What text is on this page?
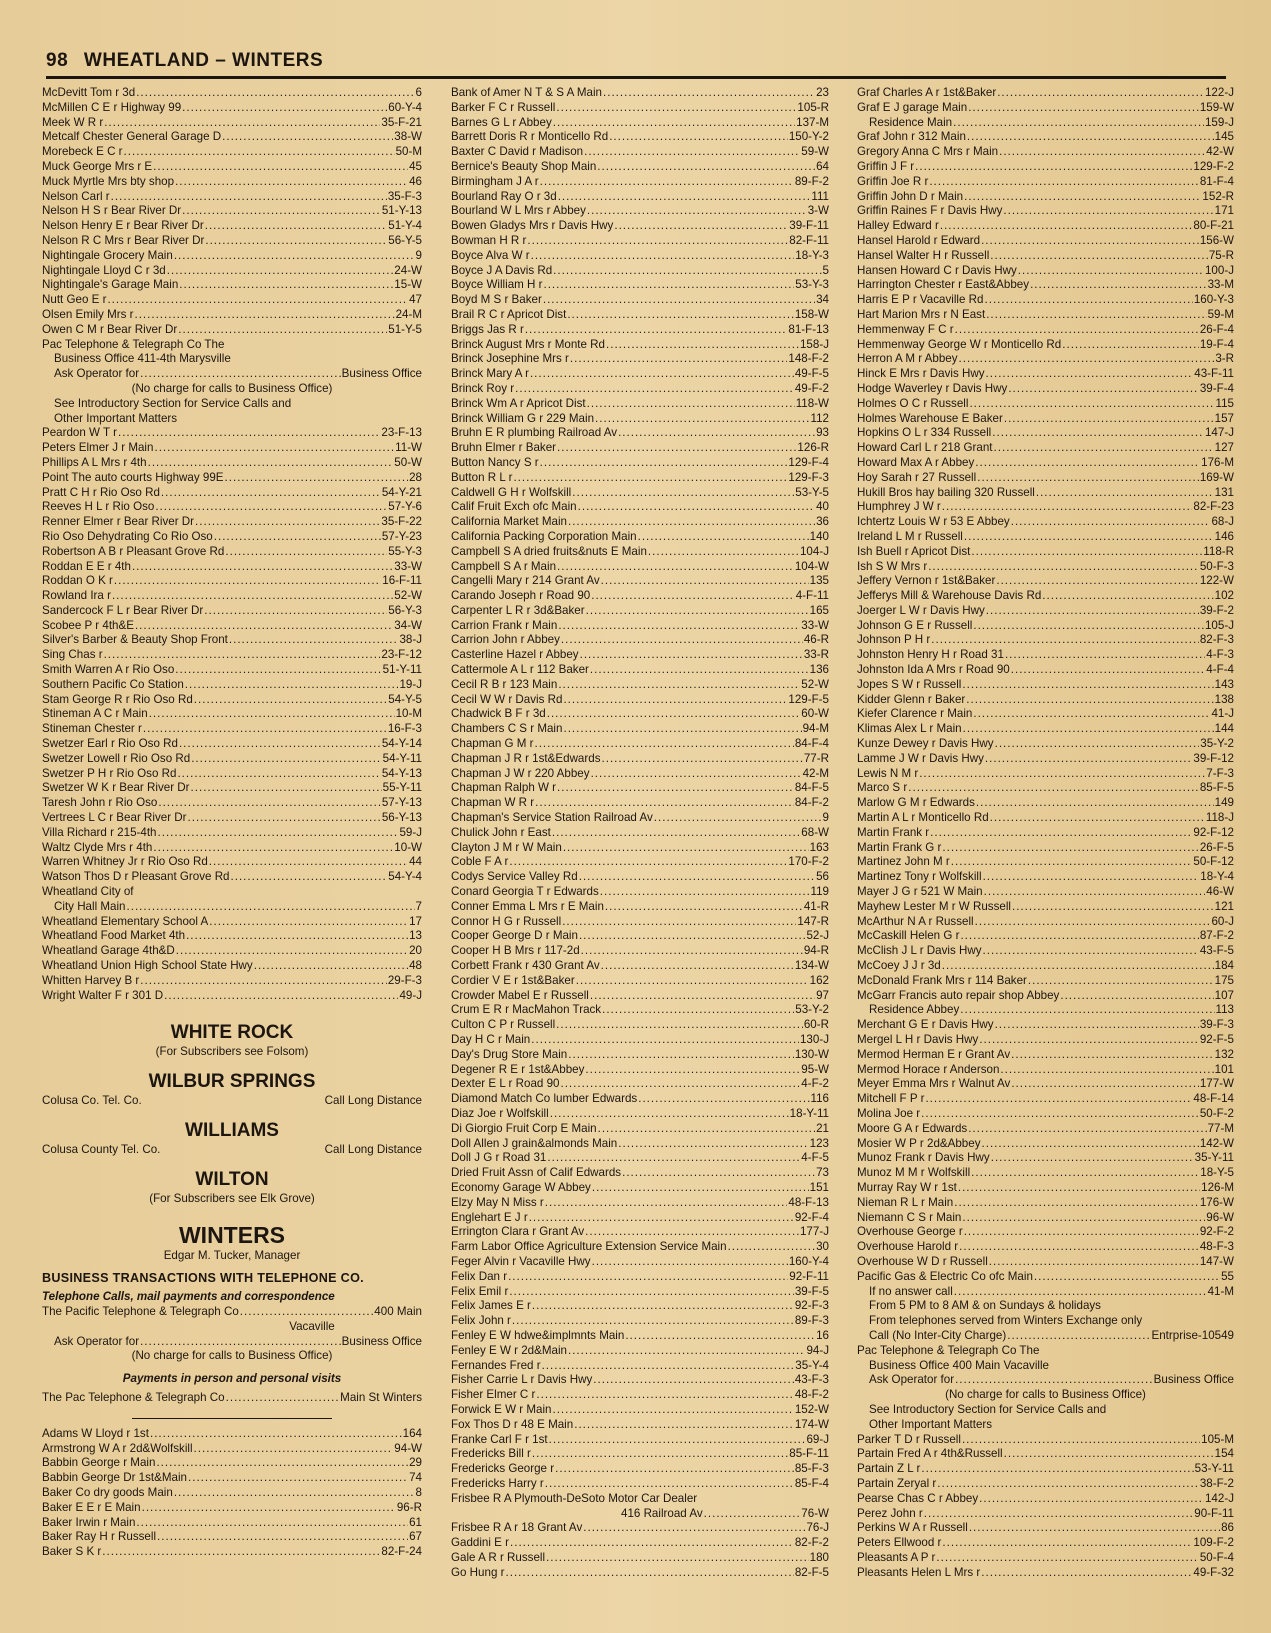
98 WHEATLAND – WINTERS
McDevitt Tom r 3d .....	6
McMillen C E r Highway 99 .....	60-Y-4
Meek W R r .....	35-F-21
Metcalf Chester General Garage D .....	38-W
Morebeck E C r .....	50-M
Muck George Mrs r E .....	45
Muck Myrtle Mrs bty shop .....	46
Nelson Carl r .....	35-F-3
Nelson H S r Bear River Dr .....	51-Y-13
Nelson Henry E r Bear River Dr .....	51-Y-4
Nelson R C Mrs r Bear River Dr .....	56-Y-5
Nightingale Grocery Main .....	9
Nightingale Lloyd C r 3d .....	24-W
Nightingale's Garage Main .....	15-W
Nutt Geo E r .....	47
Olsen Emily Mrs r .....	24-M
Owen C M r Bear River Dr .....	51-Y-5
Pac Telephone & Telegraph Co The
Business Office 411-4th Marysville
Ask Operator for .....	Business Office
(No charge for calls to Business Office)
See Introductory Section for Service Calls and
Other Important Matters
Peardon W T r .....	23-F-13
Peters Elmer J r Main .....	11-W
Phillips A L Mrs r 4th .....	50-W
Point The auto courts Highway 99E .....	28
Pratt C H r Rio Oso Rd .....	54-Y-21
Reeves H L r Rio Oso .....	57-Y-6
Renner Elmer r Bear River Dr .....	35-F-22
Rio Oso Dehydrating Co Rio Oso .....	57-Y-23
Robertson A B r Pleasant Grove Rd .....	55-Y-3
Roddan E E r 4th .....	33-W
Roddan O K r .....	16-F-11
Rowland Ira r .....	52-W
Sandercock F L r Bear River Dr .....	56-Y-3
Scobee P r 4th&E .....	34-W
Silver's Barber & Beauty Shop Front .....	38-J
Sing Chas r .....	23-F-12
Smith Warren A r Rio Oso .....	51-Y-11
Southern Pacific Co Station .....	19-J
Stam George R r Rio Oso Rd .....	54-Y-5
Stineman A C r Main .....	10-M
Stineman Chester r .....	16-F-3
Swetzer Earl r Rio Oso Rd .....	54-Y-14
Swetzer Lowell r Rio Oso Rd .....	54-Y-11
Swetzer P H r Rio Oso Rd .....	54-Y-13
Swetzer W K r Bear River Dr .....	55-Y-11
Taresh John r Rio Oso .....	57-Y-13
Vertrees L C r Bear River Dr .....	56-Y-13
Villa Richard r 215-4th .....	59-J
Waltz Clyde Mrs r 4th .....	10-W
Warren Whitney Jr r Rio Oso Rd .....	44
Watson Thos D r Pleasant Grove Rd .....	54-Y-4
Wheatland City of
City Hall Main .....	7
Wheatland Elementary School A .....	17
Wheatland Food Market 4th .....	13
Wheatland Garage 4th&D .....	20
Wheatland Union High School State Hwy .....	48
Whitten Harvey B r .....	29-F-3
Wright Walter F r 301 D .....	49-J
WHITE ROCK
(For Subscribers see Folsom)
WILBUR SPRINGS
Colusa Co. Tel. Co.	Call Long Distance
WILLIAMS
Colusa County Tel. Co.	Call Long Distance
WILTON
(For Subscribers see Elk Grove)
WINTERS
Edgar M. Tucker, Manager
BUSINESS TRANSACTIONS WITH TELEPHONE CO.
Telephone Calls, mail payments and correspondence
The Pacific Telephone & Telegraph Co .....	400 Main
Vacaville
Ask Operator for .....	Business Office
(No charge for calls to Business Office)
Payments in person and personal visits
The Pac Telephone & Telegraph Co .....	Main St Winters
Adams W Lloyd r 1st .....	164
Armstrong W A r 2d&Wolfskill .....	94-W
Babbin George r Main .....	29
Babbin George Dr 1st&Main .....	74
Baker Co dry goods Main .....	8
Baker E E r E Main .....	96-R
Baker Irwin r Main .....	61
Baker Ray H r Russell .....	67
Baker S K r .....	82-F-24
Bank of Amer N T & S A Main .....	23
Barker F C r Russell .....	105-R
Barnes G L r Abbey .....	137-M
Barrett Doris R r Monticello Rd .....	150-Y-2
Baxter C David r Madison .....	59-W
Bernice's Beauty Shop Main .....	64
Birmingham J A r .....	89-F-2
Bourland Ray O r 3d .....	111
Bourland W L Mrs r Abbey .....	3-W
Bowen Gladys Mrs r Davis Hwy .....	39-F-11
Bowman H R r .....	82-F-11
Boyce Alva W r .....	18-Y-3
Boyce J A Davis Rd .....	5
Boyce William H r .....	53-Y-3
Boyd M S r Baker .....	34
Brail R C r Apricot Dist .....	158-W
Briggs Jas R r .....	81-F-13
Brinck August Mrs r Monte Rd .....	158-J
Brinck Josephine Mrs r .....	148-F-2
Brinck Mary A r .....	49-F-5
Brinck Roy r .....	49-F-2
Brinck Wm A r Apricot Dist .....	118-W
Brinck William G r 229 Main .....	112
Bruhn E R plumbing Railroad Av .....	93
Bruhn Elmer r Baker .....	126-R
Button Nancy S r .....	129-F-4
Button R L r .....	129-F-3
Caldwell G H r Wolfskill .....	53-Y-5
Calif Fruit Exch ofc Main .....	40
California Market Main .....	36
California Packing Corporation Main .....	140
Campbell S A dried fruits&nuts E Main .....	104-J
Campbell S A r Main .....	104-W
Cangelli Mary r 214 Grant Av .....	135
Carando Joseph r Road 90 .....	4-F-11
Carpenter L R r 3d&Baker .....	165
Carrion Frank r Main .....	33-W
Carrion John r Abbey .....	46-R
Casterline Hazel r Abbey .....	33-R
Cattermole A L r 112 Baker .....	136
Cecil R B r 123 Main .....	52-W
Cecil W W r Davis Rd .....	129-F-5
Chadwick B F r 3d .....	60-W
Chambers C S r Main .....	94-M
Chapman G M r .....	84-F-4
Chapman J R r 1st&Edwards .....	77-R
Chapman J W r 220 Abbey .....	42-M
Chapman Ralph W r .....	84-F-5
Chapman W R r .....	84-F-2
Chapman's Service Station Railroad Av .....	9
Chulick John r East .....	68-W
Clayton J M r W Main .....	163
Coble F A r .....	170-F-2
Codys Service Valley Rd .....	56
Conard Georgia T r Edwards .....	119
Conner Emma L Mrs r E Main .....	41-R
Connor H G r Russell .....	147-R
Cooper George D r Main .....	52-J
Cooper H B Mrs r 117-2d .....	94-R
Corbett Frank r 430 Grant Av .....	134-W
Cordier V E r 1st&Baker .....	162
Crowder Mabel E r Russell .....	97
Crum E R r MacMahon Track .....	53-Y-2
Culton C P r Russell .....	60-R
Day H C r Main .....	130-J
Day's Drug Store Main .....	130-W
Degener R E r 1st&Abbey .....	95-W
Dexter E L r Road 90 .....	4-F-2
Diamond Match Co lumber Edwards .....	116
Diaz Joe r Wolfskill .....	18-Y-11
Di Giorgio Fruit Corp E Main .....	21
Doll Allen J grain&almonds Main .....	123
Doll J G r Road 31 .....	4-F-5
Dried Fruit Assn of Calif Edwards .....	73
Economy Garage W Abbey .....	151
Elzy May N Miss r .....	48-F-13
Englehart E J r .....	92-F-4
Errington Clara r Grant Av .....	177-J
Farm Labor Office Agriculture Extension Service Main .....	30
Feger Alvin r Vacaville Hwy .....	160-Y-4
Felix Dan r .....	92-F-11
Felix Emil r .....	39-F-5
Felix James E r .....	92-F-3
Felix John r .....	89-F-3
Fenley E W hdwe&implmnts Main .....	16
Fenley E W r 2d&Main .....	94-J
Fernandes Fred r .....	35-Y-4
Fisher Carrie L r Davis Hwy .....	43-F-3
Fisher Elmer C r .....	48-F-2
Forwick E W r Main .....	152-W
Fox Thos D r 48 E Main .....	174-W
Franke Carl F r 1st .....	69-J
Fredericks Bill r .....	85-F-11
Fredericks George r .....	85-F-3
Fredericks Harry r .....	85-F-4
Frisbee R A Plymouth-DeSoto Motor Car Dealer
416 Railroad Av .....	76-W
Frisbee R A r 18 Grant Av .....	76-J
Gaddini E r .....	82-F-2
Gale A R r Russell .....	180
Go Hung r .....	82-F-5
Graf Charles A r 1st&Baker .....	122-J
Graf E J garage Main .....	159-W
Residence Main .....	159-J
Graf John r 312 Main .....	145
Gregory Anna C Mrs r Main .....	42-W
Griffin J F r .....	129-F-2
Griffin Joe R r .....	81-F-4
Griffin John D r Main .....	152-R
Griffin Raines F r Davis Hwy .....	171
Halley Edward r .....	80-F-21
Hansel Harold r Edward .....	156-W
Hansel Walter H r Russell .....	75-R
Hansen Howard C r Davis Hwy .....	100-J
Harrington Chester r East&Abbey .....	33-M
Harris E P r Vacaville Rd .....	160-Y-3
Hart Marion Mrs r N East .....	59-M
Hemmenway F C r .....	26-F-4
Hemmenway George W r Monticello Rd .....	19-F-4
Herron A M r Abbey .....	3-R
Hinck E Mrs r Davis Hwy .....	43-F-11
Hodge Waverley r Davis Hwy .....	39-F-4
Holmes O C r Russell .....	115
Holmes Warehouse E Baker .....	157
Hopkins O L r 334 Russell .....	147-J
Howard Carl L r 218 Grant .....	127
Howard Max A r Abbey .....	176-M
Hoy Sarah r 27 Russell .....	169-W
Hukill Bros hay bailing 320 Russell .....	131
Humphrey J W r .....	82-F-23
Ichtertz Louis W r 53 E Abbey .....	68-J
Ireland L M r Russell .....	146
Ish Buell r Apricot Dist .....	118-R
Ish S W Mrs r .....	50-F-3
Jeffery Vernon r 1st&Baker .....	122-W
Jefferys Mill & Warehouse Davis Rd .....	102
Joerger L W r Davis Hwy .....	39-F-2
Johnson G E r Russell .....	105-J
Johnson P H r .....	82-F-3
Johnston Henry H r Road 31 .....	4-F-3
Johnston Ida A Mrs r Road 90 .....	4-F-4
Jopes S W r Russell .....	143
Kidder Glenn r Baker .....	138
Kiefer Clarence r Main .....	41-J
Klimas Alex L r Main .....	144
Kunze Dewey r Davis Hwy .....	35-Y-2
Lamme J W r Davis Hwy .....	39-F-12
Lewis N M r .....	7-F-3
Marco S r .....	85-F-5
Marlow G M r Edwards .....	149
Martin A L r Monticello Rd .....	118-J
Martin Frank r .....	92-F-12
Martin Frank G r .....	26-F-5
Martinez John M r .....	50-F-12
Martinez Tony r Wolfskill .....	18-Y-4
Mayer J G r 521 W Main .....	46-W
Mayhew Lester M r W Russell .....	121
McArthur N A r Russell .....	60-J
McCaskill Helen G r .....	87-F-2
McClish J L r Davis Hwy .....	43-F-5
McCoey J J r 3d .....	184
McDonald Frank Mrs r 114 Baker .....	175
McGarr Francis auto repair shop Abbey .....	107
Residence Abbey .....	113
Merchant G E r Davis Hwy .....	39-F-3
Mergel L H r Davis Hwy .....	92-F-5
Mermod Herman E r Grant Av .....	132
Mermod Horace r Anderson .....	101
Meyer Emma Mrs r Walnut Av .....	177-W
Mitchell F P r .....	48-F-14
Molina Joe r .....	50-F-2
Moore G A r Edwards .....	77-M
Mosier W P r 2d&Abbey .....	142-W
Munoz Frank r Davis Hwy .....	35-Y-11
Munoz M M r Wolfskill .....	18-Y-5
Murray Ray W r 1st .....	126-M
Nieman R L r Main .....	176-W
Niemann C S r Main .....	96-W
Overhouse George r .....	92-F-2
Overhouse Harold r .....	48-F-3
Overhouse W D r Russell .....	147-W
Pacific Gas & Electric Co ofc Main .....	55
If no answer call .....	41-M
From 5 PM to 8 AM & on Sundays & holidays
From telephones served from Winters Exchange only
Call (No Inter-City Charge) .....	Entrprise-10549
Pac Telephone & Telegraph Co The
Business Office 400 Main Vacaville
Ask Operator for .....	Business Office
(No charge for calls to Business Office)
See Introductory Section for Service Calls and
Other Important Matters
Parker T D r Russell .....	105-M
Partain Fred A r 4th&Russell .....	154
Partain Z L r .....	53-Y-11
Partain Zeryal r .....	38-F-2
Pearse Chas C r Abbey .....	142-J
Perez John r .....	90-F-11
Perkins W A r Russell .....	86
Peters Ellwood r .....	109-F-2
Pleasants A P r .....	50-F-4
Pleasants Helen L Mrs r .....	49-F-32
